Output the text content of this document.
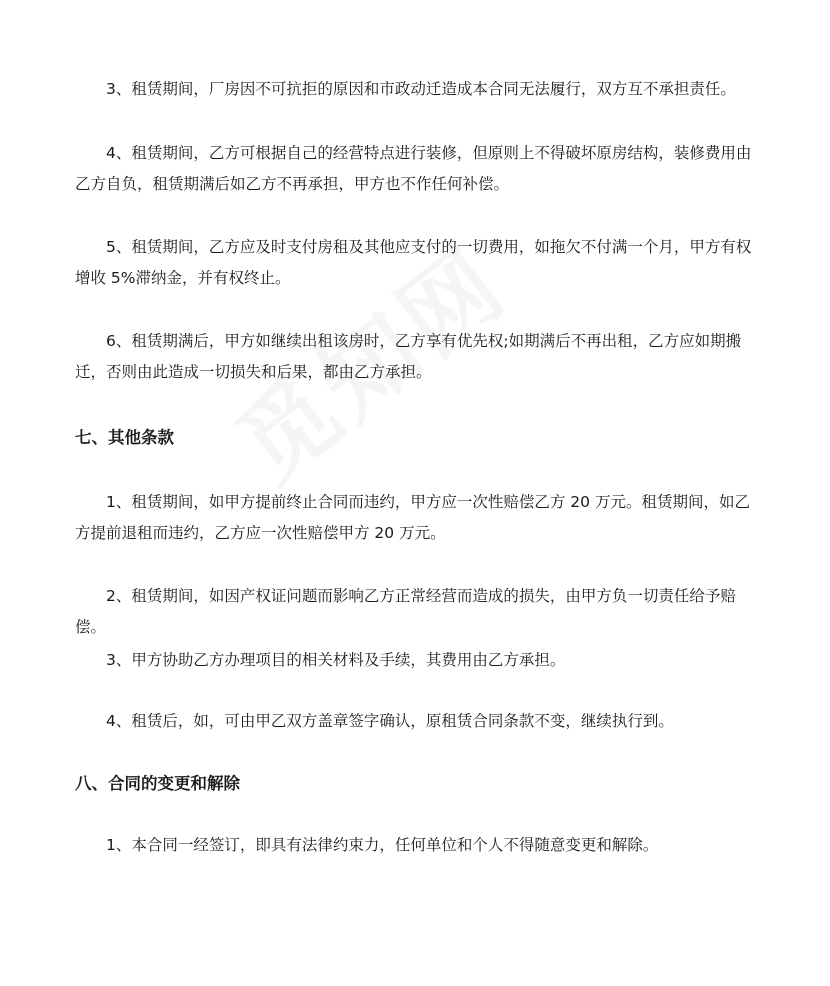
3、租赁期间，厂房因不可抗拒的原因和市政动迁造成本合同无法履行，双方互不承担责任。

4、租赁期间，乙方可根据自己的经营特点进行装修，但原则上不得破坏原房结构，装修费用由乙方自负，租赁期满后如乙方不再承担，甲方也不作任何补偿。

5、租赁期间，乙方应及时支付房租及其他应支付的一切费用，如拖欠不付满一个月，甲方有权增收 5%滞纳金，并有权终止。

6、租赁期满后，甲方如继续出租该房时，乙方享有优先权;如期满后不再出租，乙方应如期搬迁，否则由此造成一切损失和后果，都由乙方承担。

七、其他条款

1、租赁期间，如甲方提前终止合同而违约，甲方应一次性赔偿乙方 20 万元。租赁期间，如乙方提前退租而违约，乙方应一次性赔偿甲方 20 万元。

2、租赁期间，如因产权证问题而影响乙方正常经营而造成的损失，由甲方负一切责任给予赔偿。

3、甲方协助乙方办理项目的相关材料及手续，其费用由乙方承担。

4、租赁后，如，可由甲乙双方盖章签字确认，原租赁合同条款不变，继续执行到。

八、合同的变更和解除

1、本合同一经签订，即具有法律约束力，任何单位和个人不得随意变更和解除。
